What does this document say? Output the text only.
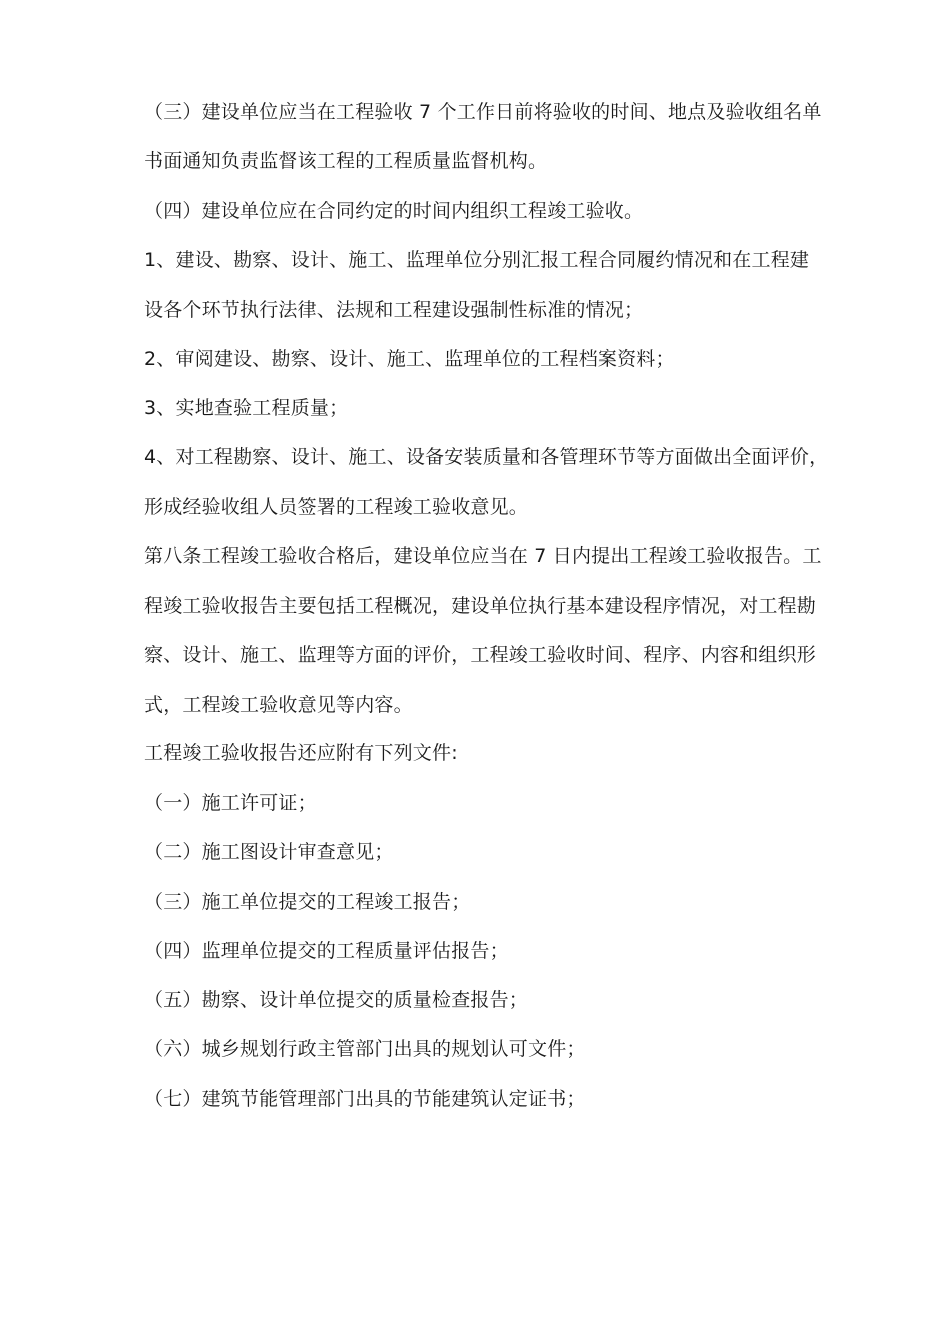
（三）建设单位应当在工程验收 7 个工作日前将验收的时间、地点及验收组名单
书面通知负责监督该工程的工程质量监督机构。
（四）建设单位应在合同约定的时间内组织工程竣工验收。
1、建设、勘察、设计、施工、监理单位分别汇报工程合同履约情况和在工程建
设各个环节执行法律、法规和工程建设强制性标准的情况；
2、审阅建设、勘察、设计、施工、监理单位的工程档案资料；
3、实地查验工程质量；
4、对工程勘察、设计、施工、设备安装质量和各管理环节等方面做出全面评价，
形成经验收组人员签署的工程竣工验收意见。
第八条工程竣工验收合格后，建设单位应当在 7 日内提出工程竣工验收报告。工
程竣工验收报告主要包括工程概况，建设单位执行基本建设程序情况，对工程勘
察、设计、施工、监理等方面的评价，工程竣工验收时间、程序、内容和组织形
式，工程竣工验收意见等内容。
工程竣工验收报告还应附有下列文件:
（一）施工许可证；
（二）施工图设计审查意见；
（三）施工单位提交的工程竣工报告；
（四）监理单位提交的工程质量评估报告；
（五）勘察、设计单位提交的质量检查报告；
（六）城乡规划行政主管部门出具的规划认可文件；
（七）建筑节能管理部门出具的节能建筑认定证书；
